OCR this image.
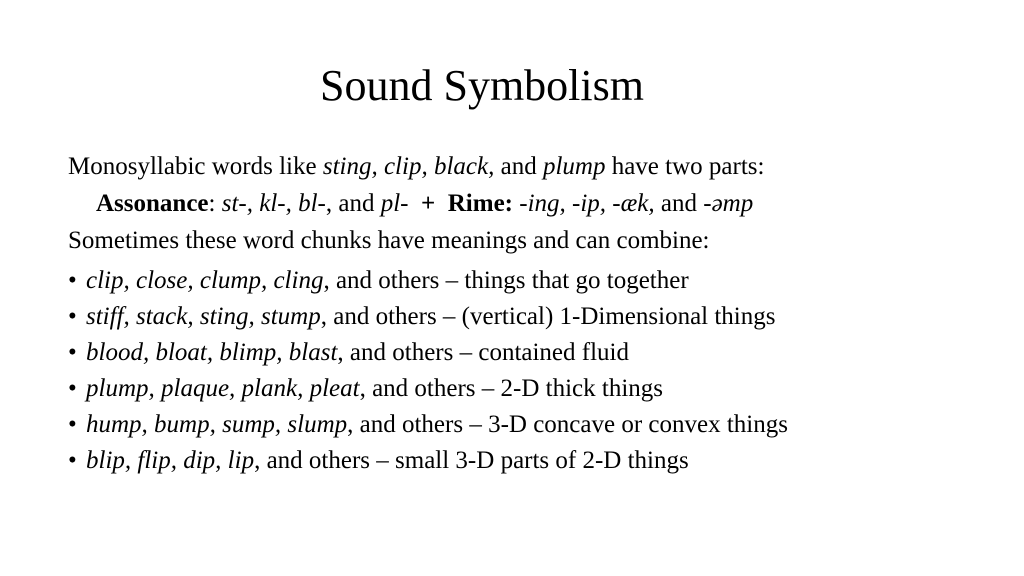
Sound Symbolism
Monosyllabic words like sting, clip, black, and plump have two parts:
Assonance: st-, kl-, bl-, and pl- + Rime: -ing, -ip, -æk, and -əmp
Sometimes these word chunks have meanings and can combine:
• clip, close, clump, cling, and others – things that go together
• stiff, stack, sting, stump, and others – (vertical) 1-Dimensional things
• blood, bloat, blimp, blast, and others – contained fluid
• plump, plaque, plank, pleat, and others – 2-D thick things
• hump, bump, sump, slump, and others – 3-D concave or convex things
• blip, flip, dip, lip, and others – small 3-D parts of 2-D things
